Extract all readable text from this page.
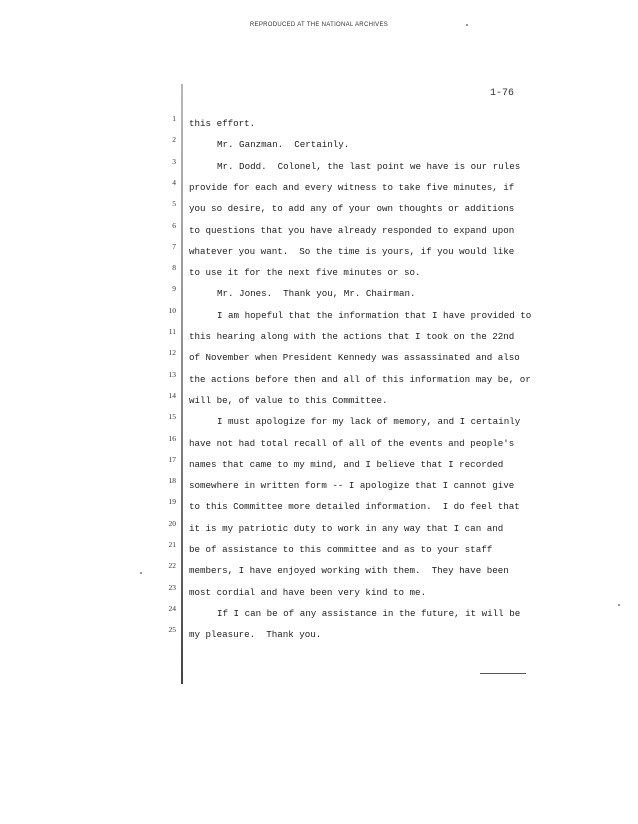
REPRODUCED AT THE NATIONAL ARCHIVES
1-76
1 this effort.
2	Mr. Ganzman.  Certainly.
3	Mr. Dodd.  Colonel, the last point we have is our rules
4 provide for each and every witness to take five minutes, if
5 you so desire, to add any of your own thoughts or additions
6 to questions that you have already responded to expand upon
7 whatever you want.  So the time is yours, if you would like
8 to use it for the next five minutes or so.
9	Mr. Jones.  Thank you, Mr. Chairman.
10	I am hopeful that the information that I have provided to
11 this hearing along with the actions that I took on the 22nd
12 of November when President Kennedy was assassinated and also
13 the actions before then and all of this information may be, or
14 will be, of value to this Committee.
15	I must apologize for my lack of memory, and I certainly
16 have not had total recall of all of the events and people's
17 names that came to my mind, and I believe that I recorded
18 somewhere in written form -- I apologize that I cannot give
19 to this Committee more detailed information.  I do feel that
20 it is my patriotic duty to work in any way that I can and
21 be of assistance to this committee and as to your staff
22 members, I have enjoyed working with them.  They have been
23 most cordial and have been very kind to me.
24	If I can be of any assistance in the future, it will be
25 my pleasure.  Thank you.
